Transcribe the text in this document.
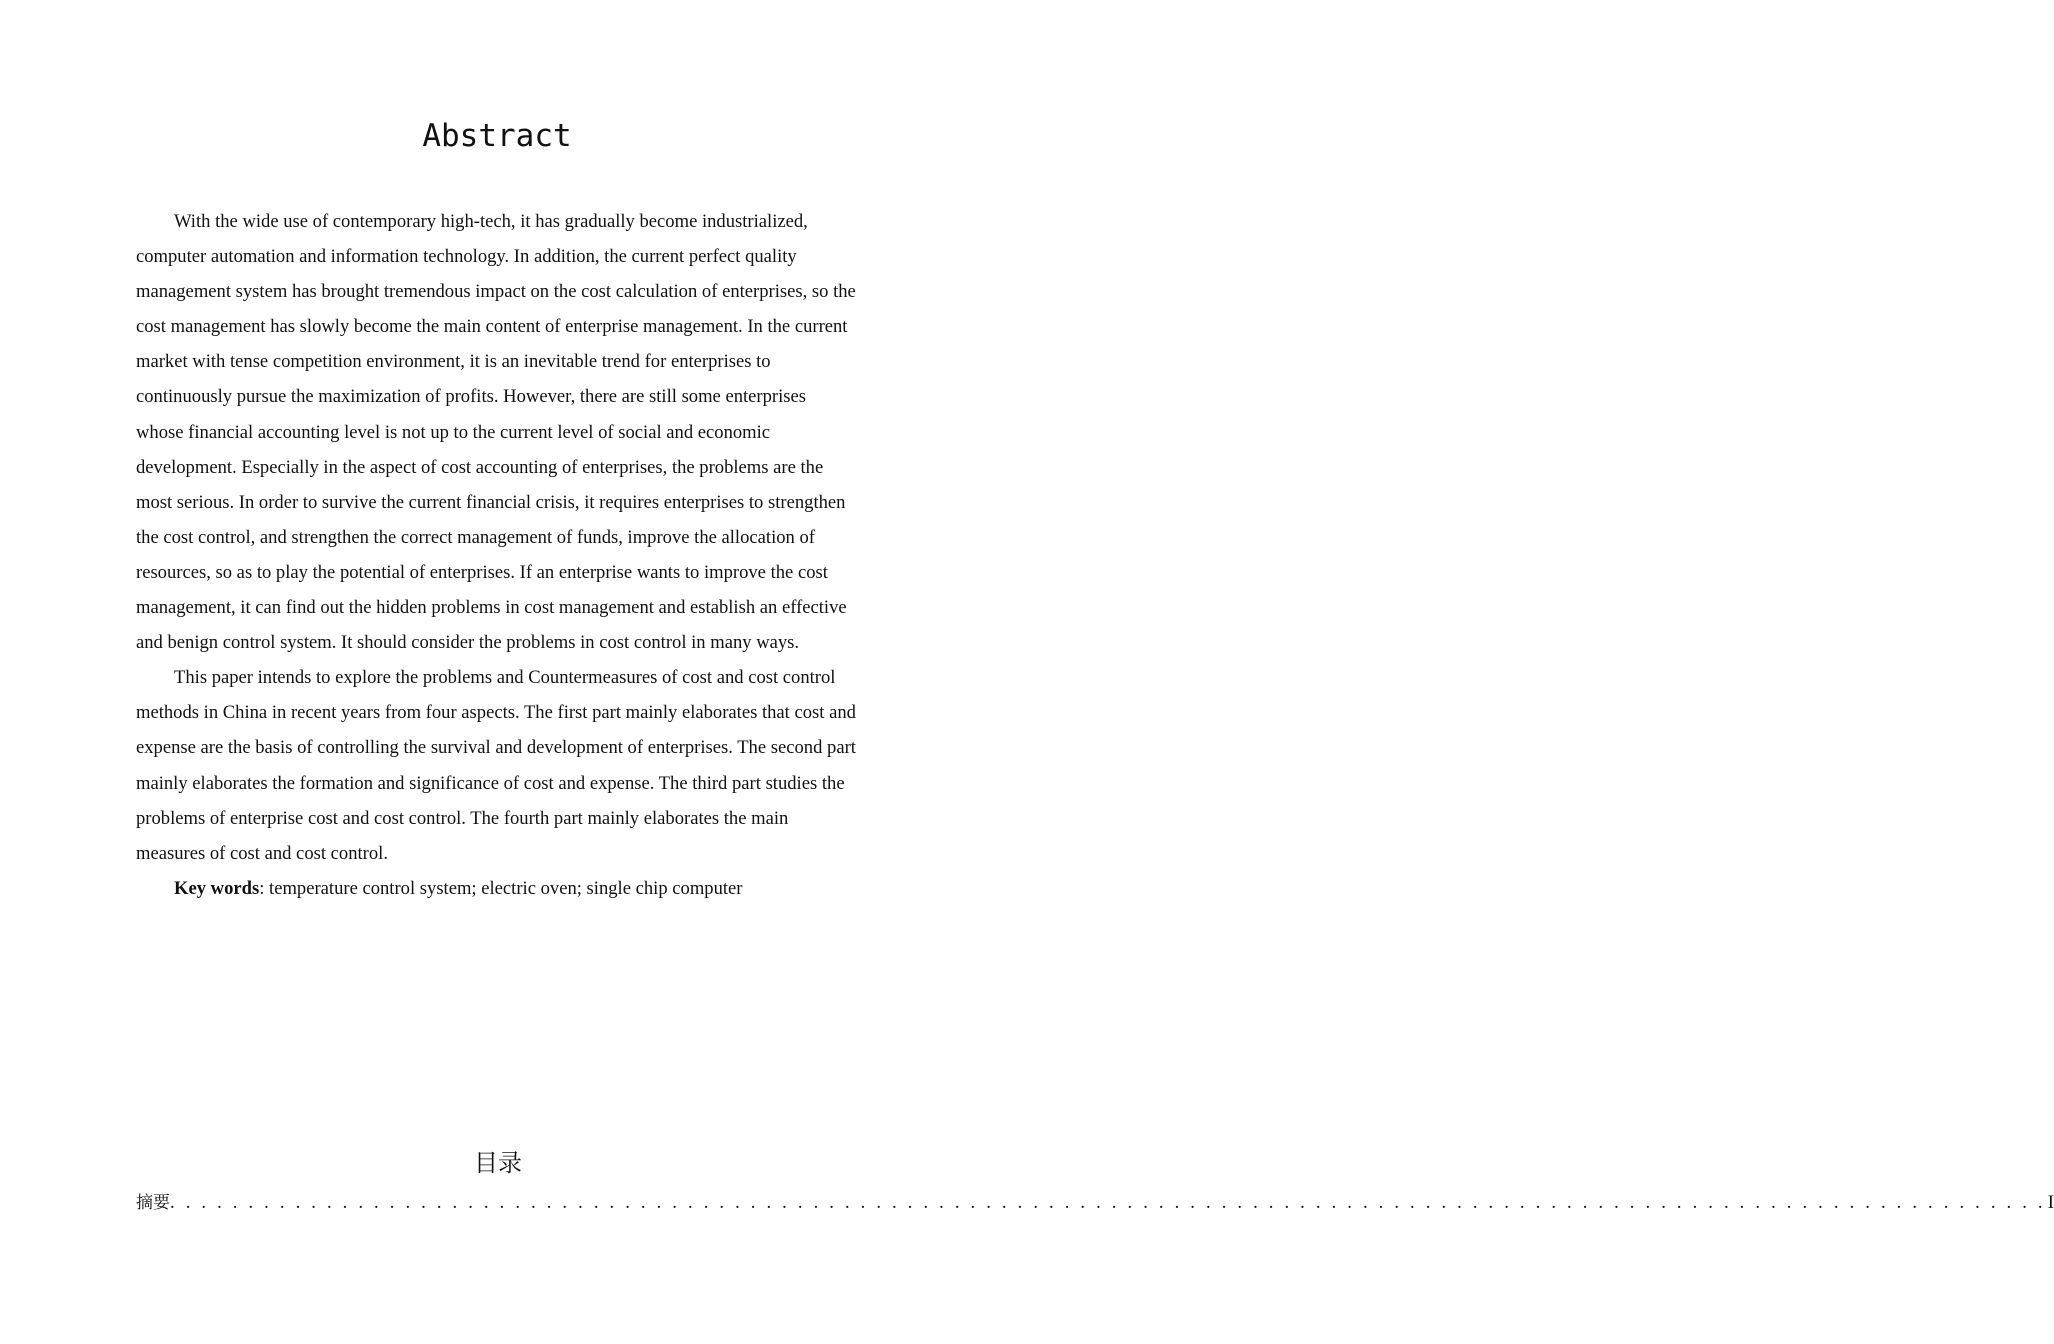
Abstract

With the wide use of contemporary high-tech, it has gradually become industrialized, computer automation and information technology. In addition, the current perfect quality management system has brought tremendous impact on the cost calculation of enterprises, so the cost management has slowly become the main content of enterprise management. In the current market with tense competition environment, it is an inevitable trend for enterprises to continuously pursue the maximization of profits. However, there are still some enterprises whose financial accounting level is not up to the current level of social and economic development. Especially in the aspect of cost accounting of enterprises, the problems are the most serious. In order to survive the current financial crisis, it requires enterprises to strengthen the cost control, and strengthen the correct management of funds, improve the allocation of resources, so as to play the potential of enterprises. If an enterprise wants to improve the cost management, it can find out the hidden problems in cost management and establish an effective and benign control system. It should consider the problems in cost control in many ways.

This paper intends to explore the problems and Countermeasures of cost and cost control methods in China in recent years from four aspects. The first part mainly elaborates that cost and expense are the basis of controlling the survival and development of enterprises. The second part mainly elaborates the formation and significance of cost and expense. The third part studies the problems of enterprise cost and cost control. The fourth part mainly elaborates the main measures of cost and cost control.

Key words: temperature control system; electric oven; single chip computer

目录
摘要 . . . . . . . . . . . . . . . . . . . . . . . . . . . . . . . . . . . . . . . . . . . . . . . . . . . . . . . . . . . . . . . . . . . . . . . . . . . . . . . . . . . . . . . . . . . . . . . . . . . . . . . . . . . . . . . . . . . . . . . . I
